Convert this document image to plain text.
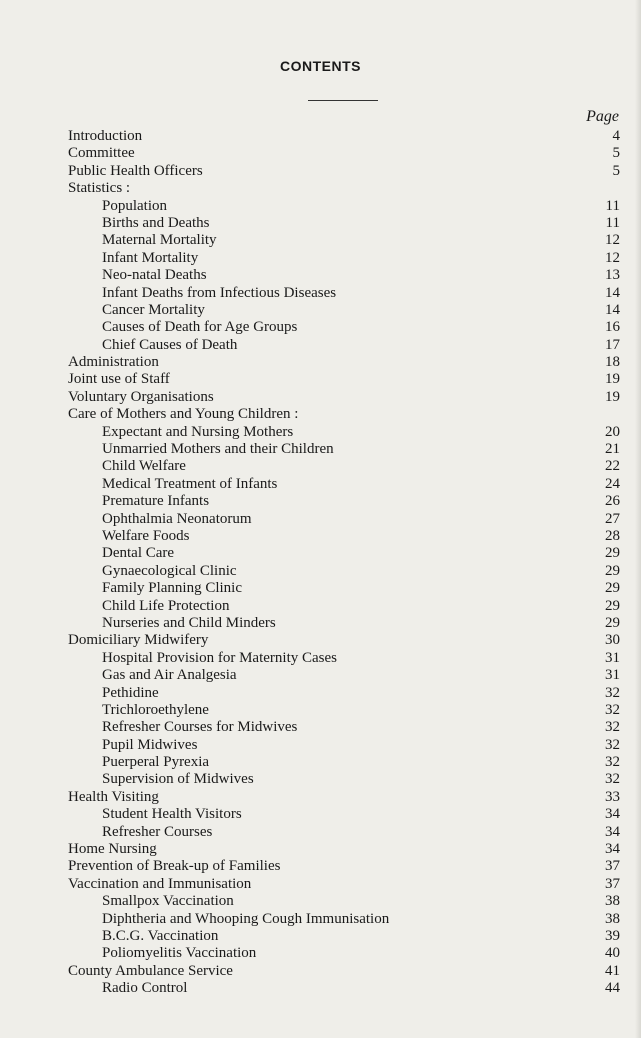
CONTENTS
Page
Introduction	4
Committee	5
Public Health Officers	5
Statistics :
Population	11
Births and Deaths	11
Maternal Mortality	12
Infant Mortality	12
Neo-natal Deaths	13
Infant Deaths from Infectious Diseases	14
Cancer Mortality	14
Causes of Death for Age Groups	16
Chief Causes of Death	17
Administration	18
Joint use of Staff	19
Voluntary Organisations	19
Care of Mothers and Young Children :
Expectant and Nursing Mothers	20
Unmarried Mothers and their Children	21
Child Welfare	22
Medical Treatment of Infants	24
Premature Infants	26
Ophthalmia Neonatorum	27
Welfare Foods	28
Dental Care	29
Gynaecological Clinic	29
Family Planning Clinic	29
Child Life Protection	29
Nurseries and Child Minders	29
Domiciliary Midwifery	30
Hospital Provision for Maternity Cases	31
Gas and Air Analgesia	31
Pethidine	32
Trichloroethylene	32
Refresher Courses for Midwives	32
Pupil Midwives	32
Puerperal Pyrexia	32
Supervision of Midwives	32
Health Visiting	33
Student Health Visitors	34
Refresher Courses	34
Home Nursing	34
Prevention of Break-up of Families	37
Vaccination and Immunisation	37
Smallpox Vaccination	38
Diphtheria and Whooping Cough Immunisation	38
B.C.G. Vaccination	39
Poliomyelitis Vaccination	40
County Ambulance Service	41
Radio Control	44
